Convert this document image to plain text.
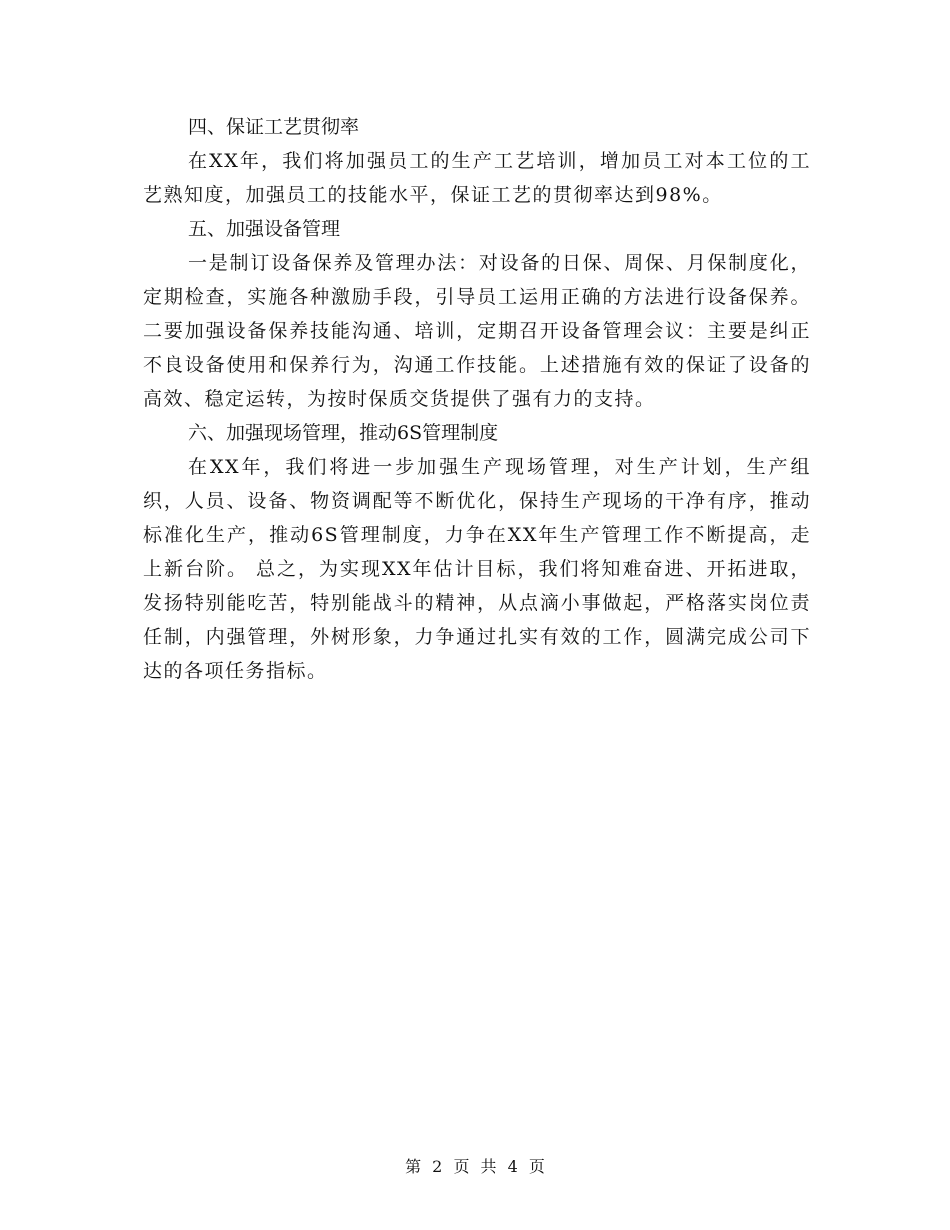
四、保证工艺贯彻率

在XX年，我们将加强员工的生产工艺培训，增加员工对本工位的工艺熟知度，加强员工的技能水平，保证工艺的贯彻率达到98%。

五、加强设备管理

一是制订设备保养及管理办法：对设备的日保、周保、月保制度化，定期检查，实施各种激励手段，引导员工运用正确的方法进行设备保养。二要加强设备保养技能沟通、培训，定期召开设备管理会议：主要是纠正不良设备使用和保养行为，沟通工作技能。上述措施有效的保证了设备的高效、稳定运转，为按时保质交货提供了强有力的支持。

六、加强现场管理，推动6S管理制度

在XX年，我们将进一步加强生产现场管理，对生产计划，生产组织，人员、设备、物资调配等不断优化，保持生产现场的干净有序，推动标准化生产，推动6S管理制度，力争在XX年生产管理工作不断提高，走上新台阶。 总之，为实现XX年估计目标，我们将知难奋进、开拓进取，发扬特别能吃苦，特别能战斗的精神，从点滴小事做起，严格落实岗位责任制，内强管理，外树形象，力争通过扎实有效的工作，圆满完成公司下达的各项任务指标。

第 2 页 共 4 页
